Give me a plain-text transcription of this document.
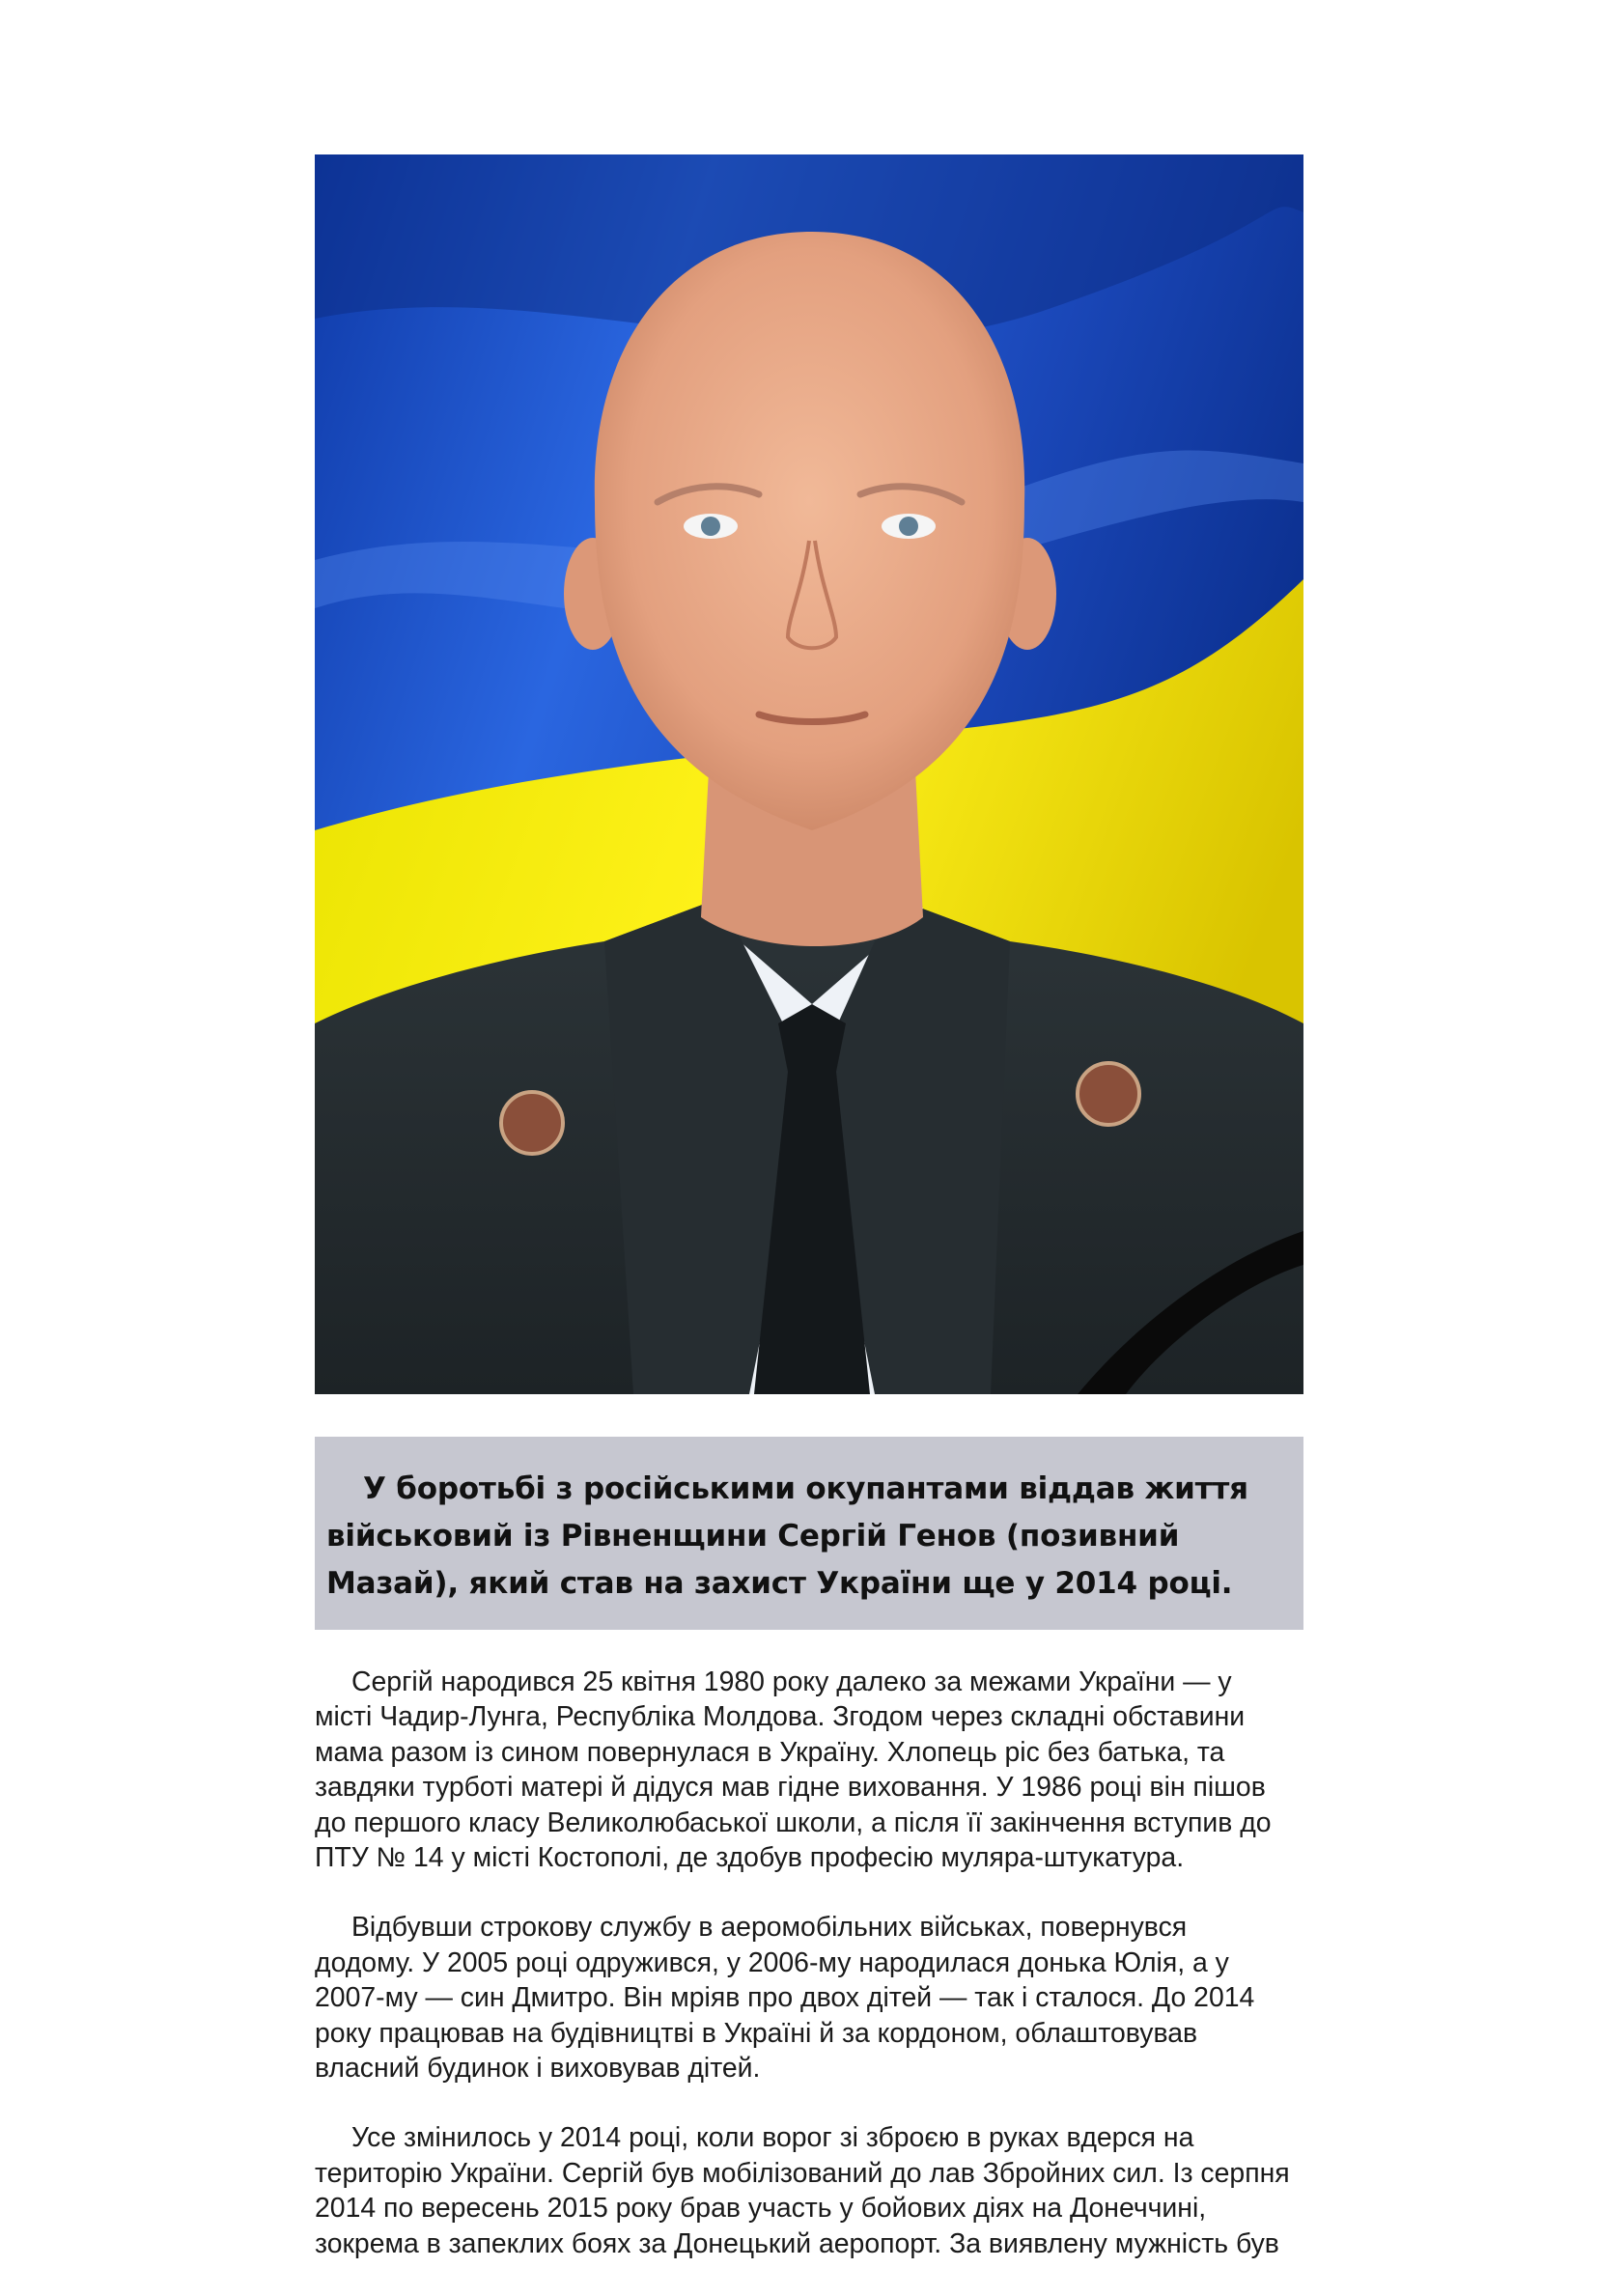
У боротьбі з російськими окупантами віддав життя військовий із Рівненщини Сергій Генов (позивний Мазай), який став на захист України ще у 2014 році.

Сергій народився 25 квітня 1980 року далеко за межами України — у місті Чадир-Лунга, Республіка Молдова. Згодом через складні обставини мама разом із сином повернулася в Україну. Хлопець ріс без батька, та завдяки турботі матері й дідуся мав гідне виховання. У 1986 році він пішов до першого класу Великолюбаської школи, а після її закінчення вступив до ПТУ № 14 у місті Костополі, де здобув професію муляра-штукатура.

Відбувши строкову службу в аеромобільних військах, повернувся додому. У 2005 році одружився, у 2006-му народилася донька Юлія, а у 2007-му — син Дмитро. Він мріяв про двох дітей — так і сталося. До 2014 року працював на будівництві в Україні й за кордоном, облаштовував власний будинок і виховував дітей.

Усе змінилось у 2014 році, коли ворог зі зброєю в руках вдерся на територію України. Сергій був мобілізований до лав Збройних сил. Із серпня 2014 по вересень 2015 року брав участь у бойових діях на Донеччині, зокрема в запеклих боях за Донецький аеропорт. За виявлену мужність був
